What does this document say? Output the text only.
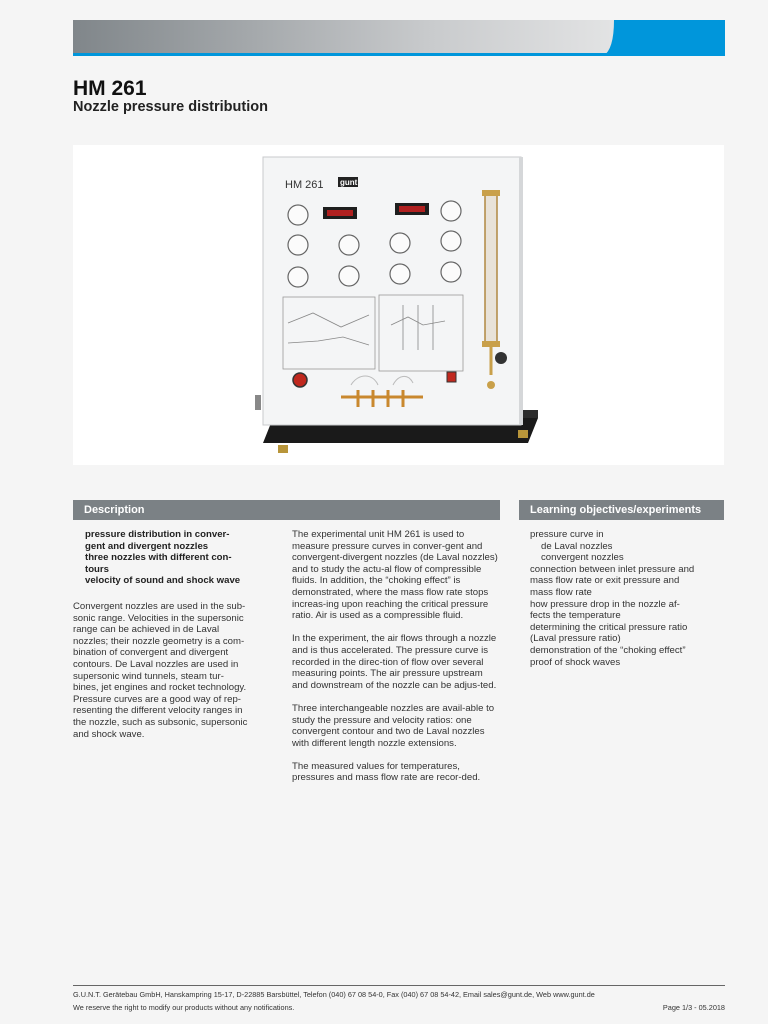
HM 261
Nozzle pressure distribution
HM 261 gunt
Description	Learning objectives/experiments
pressure distribution in conver-
gent and divergent nozzles
three nozzles with different con-
tours
velocity of sound and shock wave
Convergent nozzles are used in the sub-
sonic range. Velocities in the supersonic
range can be achieved in de Laval
nozzles; their nozzle geometry is a com-
bination of convergent and divergent
contours. De Laval nozzles are used in
supersonic wind tunnels, steam tur-
bines, jet engines and rocket technology.
Pressure curves are a good way of rep-
resenting the different velocity ranges in
the nozzle, such as subsonic, supersonic
and shock wave.

The experimental unit HM 261 is used to measure pressure curves in conver-gent and convergent-divergent nozzles (de Laval nozzles) and to study the actu-al flow of compressible fluids. In addition, the “choking effect” is demonstrated, where the mass flow rate stops increas-ing upon reaching the critical pressure ratio. Air is used as a compressible fluid.

In the experiment, the air flows through a nozzle and is thus accelerated. The pressure curve is recorded in the direc-tion of flow over several measuring points. The air pressure upstream and downstream of the nozzle can be adjus-ted.

Three interchangeable nozzles are avail-able to study the pressure and velocity ratios: one convergent contour and two de Laval nozzles with different length nozzle extensions.

The measured values for temperatures, pressures and mass flow rate are recor-ded.

pressure curve in
de Laval nozzles
convergent nozzles
connection between inlet pressure and
mass flow rate or exit pressure and
mass flow rate
how pressure drop in the nozzle af-
fects the temperature
determining the critical pressure ratio
(Laval pressure ratio)
demonstration of the “choking effect”
proof of shock waves
G.U.N.T. Gerätebau GmbH, Hanskampring 15-17, D-22885 Barsbüttel, Telefon (040) 67 08 54-0, Fax (040) 67 08 54-42, Email sales@gunt.de, Web www.gunt.de
We reserve the right to modify our products without any notifications.	Page 1/3 - 05.2018
